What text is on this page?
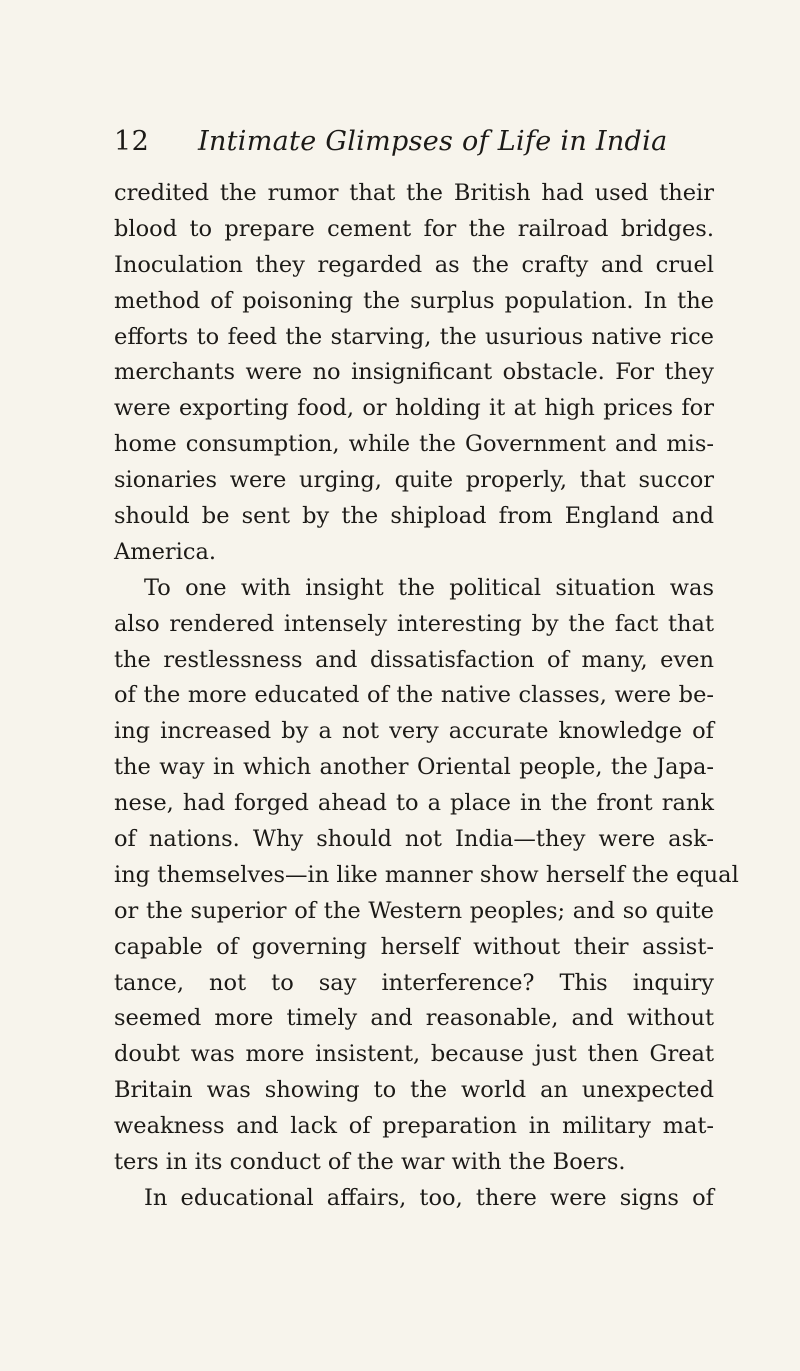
12 Intimate Glimpses of Life in India
credited the rumor that the British had used their
blood to prepare cement for the railroad bridges.
Inoculation they regarded as the crafty and cruel
method of poisoning the surplus population. In the
efforts to feed the starving, the usurious native rice
merchants were no insignificant obstacle. For they
were exporting food, or holding it at high prices for
home consumption, while the Government and mis-
sionaries were urging, quite properly, that succor
should be sent by the shipload from England and
America.
To one with insight the political situation was
also rendered intensely interesting by the fact that
the restlessness and dissatisfaction of many, even
of the more educated of the native classes, were be-
ing increased by a not very accurate knowledge of
the way in which another Oriental people, the Japa-
nese, had forged ahead to a place in the front rank
of nations. Why should not India—they were ask-
ing themselves—in like manner show herself the equal
or the superior of the Western peoples; and so quite
capable of governing herself without their assist-
tance, not to say interference? This inquiry
seemed more timely and reasonable, and without
doubt was more insistent, because just then Great
Britain was showing to the world an unexpected
weakness and lack of preparation in military mat-
ters in its conduct of the war with the Boers.
In educational affairs, too, there were signs of
